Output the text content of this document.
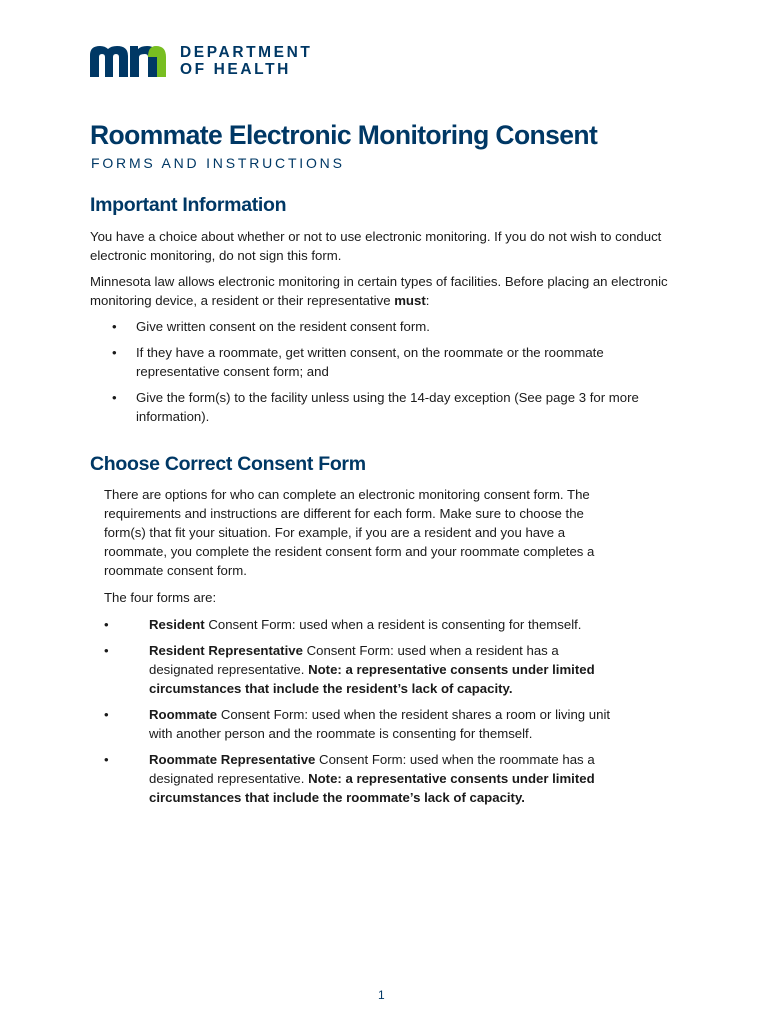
DEPARTMENT
OF HEALTH
Roommate Electronic Monitoring Consent
FORMS AND INSTRUCTIONS
Important Information

You have a choice about whether or not to use electronic monitoring. If you do not wish to conduct electronic monitoring, do not sign this form.

Minnesota law allows electronic monitoring in certain types of facilities. Before placing an electronic monitoring device, a resident or their representative must:

• Give written consent on the resident consent form.
• If they have a roommate, get written consent, on the roommate or the roommate representative consent form; and
• Give the form(s) to the facility unless using the 14-day exception (See page 3 for more information).
Choose Correct Consent Form

There are options for who can complete an electronic monitoring consent form. The requirements and instructions are different for each form. Make sure to choose the form(s) that fit your situation. For example, if you are a resident and you have a roommate, you complete the resident consent form and your roommate completes a roommate consent form.

The four forms are:

•	Resident Consent Form: used when a resident is consenting for themself.
•	Resident Representative Consent Form: used when a resident has a designated representative. Note: a representative consents under limited circumstances that include the resident’s lack of capacity.
•	Roommate Consent Form: used when the resident shares a room or living unit with another person and the roommate is consenting for themself.
•	Roommate Representative Consent Form: used when the roommate has a designated representative. Note: a representative consents under limited circumstances that include the roommate’s lack of capacity.
1
